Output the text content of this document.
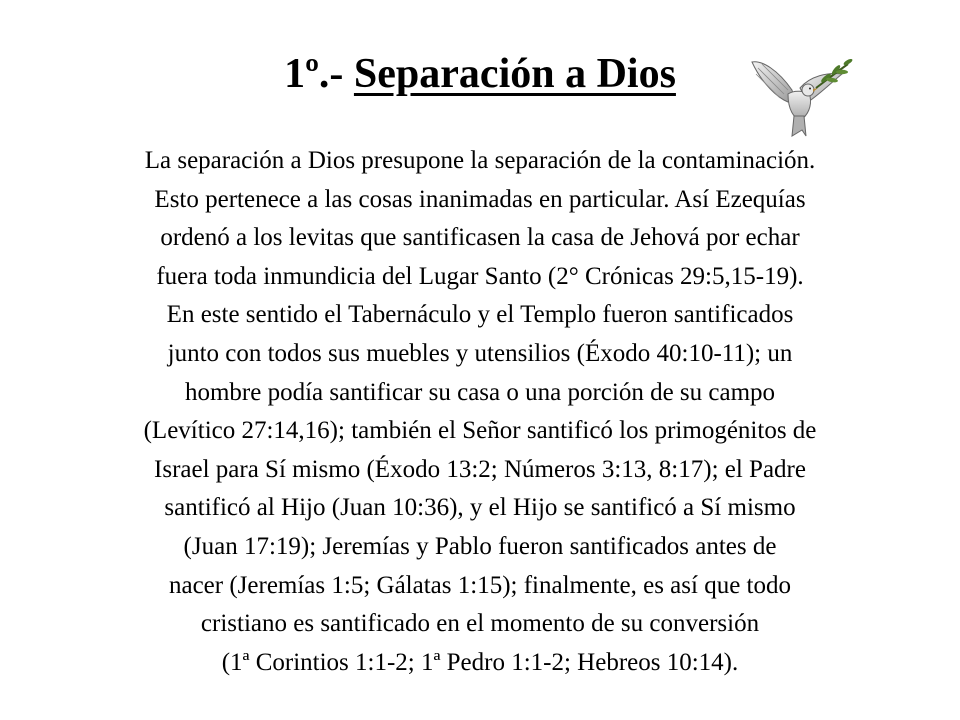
1º.- Separación a Dios
La separación a Dios presupone la separación de la contaminación.
Esto pertenece a las cosas inanimadas en particular. Así Ezequías
ordenó a los levitas que santificasen la casa de Jehová por echar
fuera toda inmundicia del Lugar Santo (2° Crónicas 29:5,15-19).
En este sentido el Tabernáculo y el Templo fueron santificados
junto con todos sus muebles y utensilios (Éxodo 40:10-11); un
hombre podía santificar su casa o una porción de su campo
(Levítico 27:14,16); también el Señor santificó los primogénitos de
Israel para Sí mismo (Éxodo 13:2; Números 3:13, 8:17); el Padre
santificó al Hijo (Juan 10:36), y el Hijo se santificó a Sí mismo
(Juan 17:19); Jeremías y Pablo fueron santificados antes de
nacer (Jeremías 1:5; Gálatas 1:15); finalmente, es así que todo
cristiano es santificado en el momento de su conversión
(1ª Corintios 1:1-2; 1ª Pedro 1:1-2; Hebreos 10:14).
